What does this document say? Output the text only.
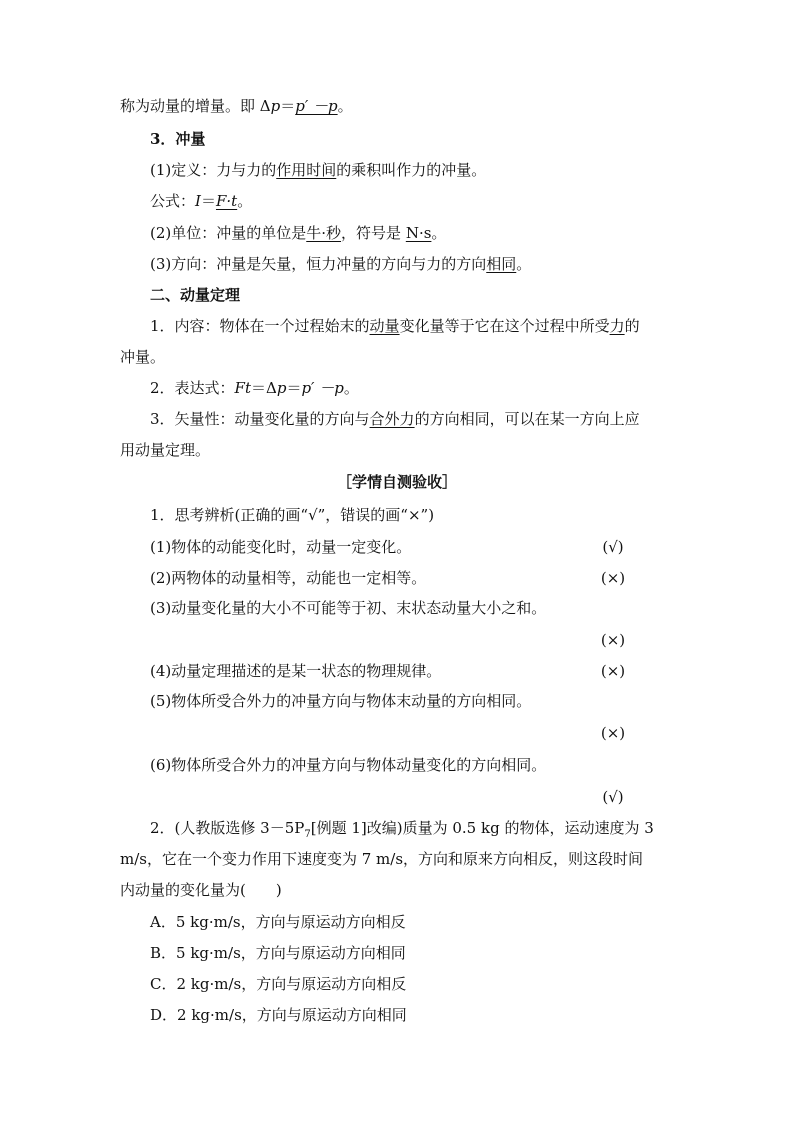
称为动量的增量。即 Δp＝p′ －p。
3．冲量
(1)定义：力与力的作用时间的乘积叫作力的冲量。
公式：I＝F·t。
(2)单位：冲量的单位是牛·秒，符号是 N·s。
(3)方向：冲量是矢量，恒力冲量的方向与力的方向相同。
二、动量定理
1．内容：物体在一个过程始末的动量变化量等于它在这个过程中所受力的
冲量。
2．表达式：Ft＝Δp＝p′ －p。
3．矢量性：动量变化量的方向与合外力的方向相同，可以在某一方向上应
用动量定理。
［学情自测验收］
1．思考辨析(正确的画“√”，错误的画“×”)
(1)物体的动能变化时，动量一定变化。	(√)
(2)两物体的动量相等，动能也一定相等。	(×)
(3)动量变化量的大小不可能等于初、末状态动量大小之和。
(×)
(4)动量定理描述的是某一状态的物理规律。	(×)
(5)物体所受合外力的冲量方向与物体末动量的方向相同。
(×)
(6)物体所受合外力的冲量方向与物体动量变化的方向相同。
(√)
2．(人教版选修 $3-5P_7$[例题 1]改编)质量为 0.5 kg 的物体，运动速度为 3
m/s，它在一个变力作用下速度变为 7 m/s，方向和原来方向相反，则这段时间
内动量的变化量为( )
A．5 kg·m/s，方向与原运动方向相反
B．5 kg·m/s，方向与原运动方向相同
C．2 kg·m/s，方向与原运动方向相反
D．2 kg·m/s，方向与原运动方向相同
